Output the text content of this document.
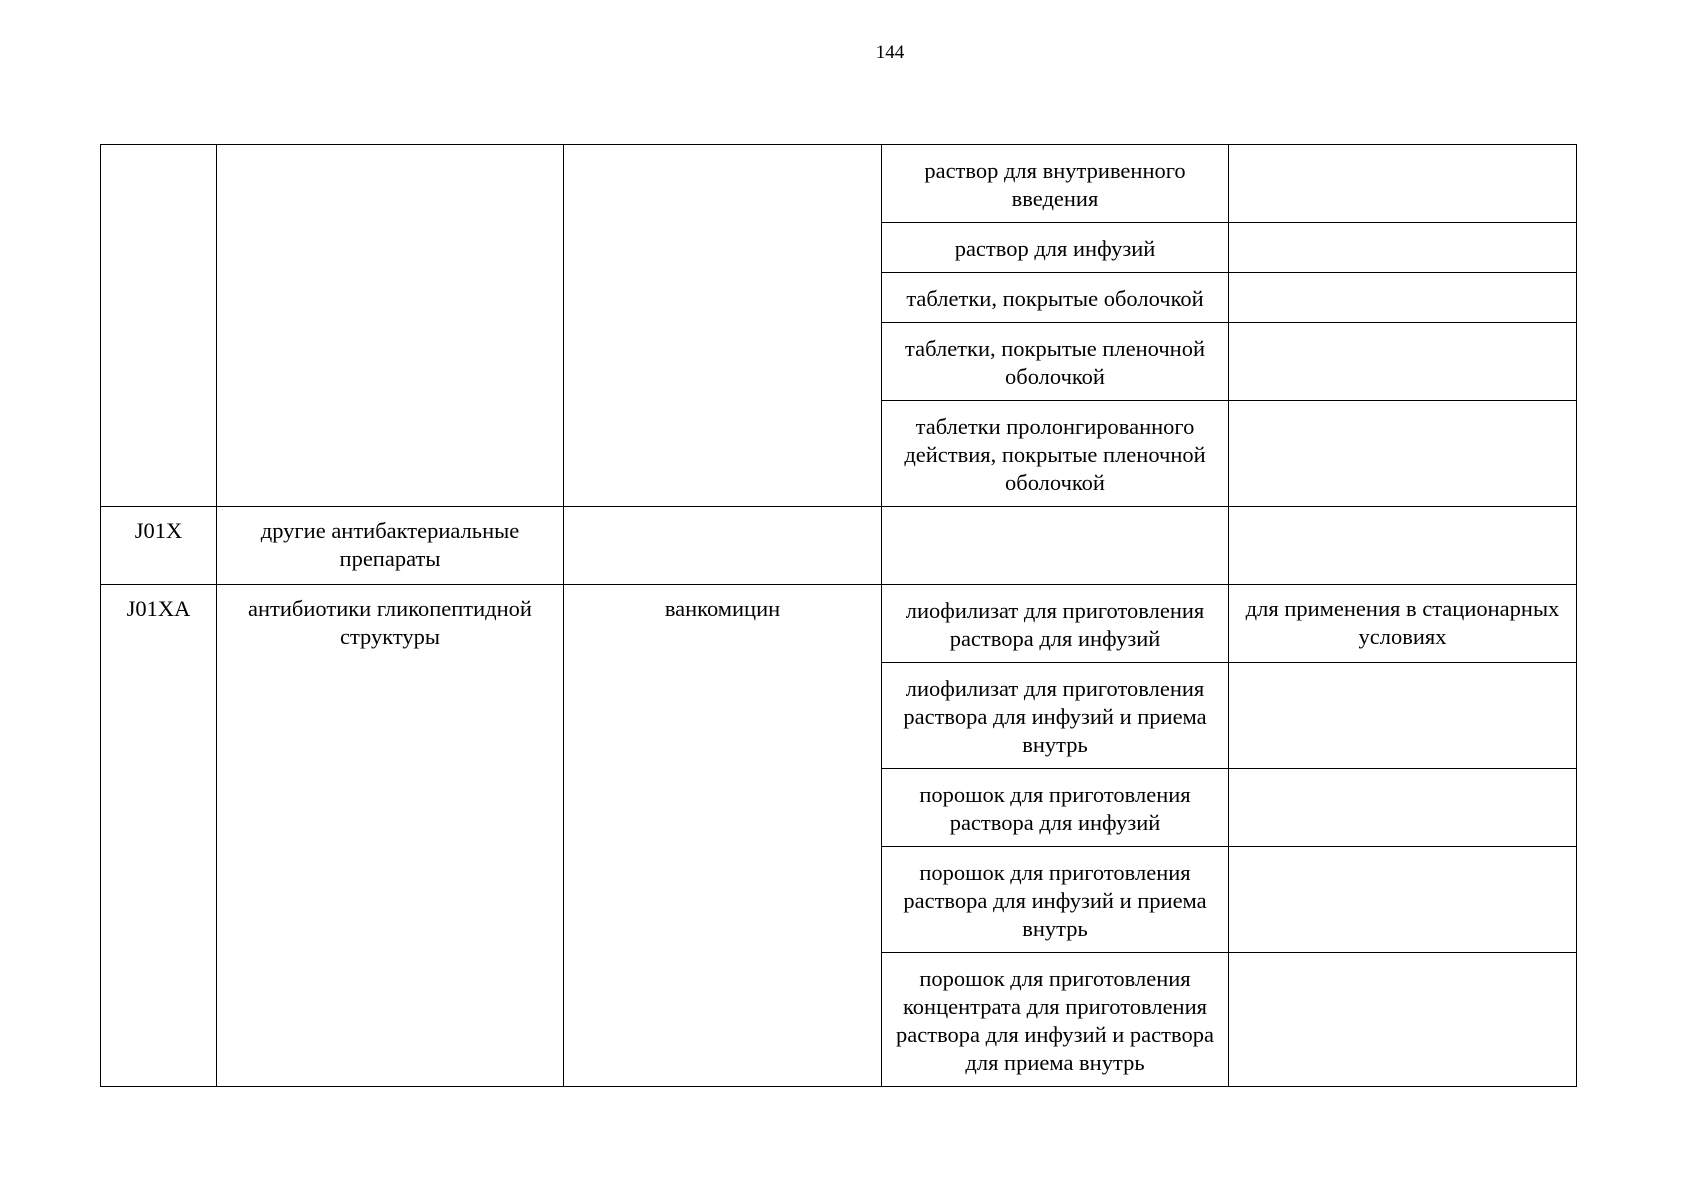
144
			раствор для внутривенного введения	
			раствор для инфузий	
			таблетки, покрытые оболочкой	
			таблетки, покрытые пленочной оболочкой	
			таблетки пролонгированного действия, покрытые пленочной оболочкой	
J01X	другие антибактериальные препараты			
J01XA	антибиотики гликопептидной структуры	ванкомицин	лиофилизат для приготовления раствора для инфузий	для применения в стационарных условиях
			лиофилизат для приготовления раствора для инфузий и приема внутрь	
			порошок для приготовления раствора для инфузий	
			порошок для приготовления раствора для инфузий и приема внутрь	
			порошок для приготовления концентрата для приготовления раствора для инфузий и раствора для приема внутрь	
